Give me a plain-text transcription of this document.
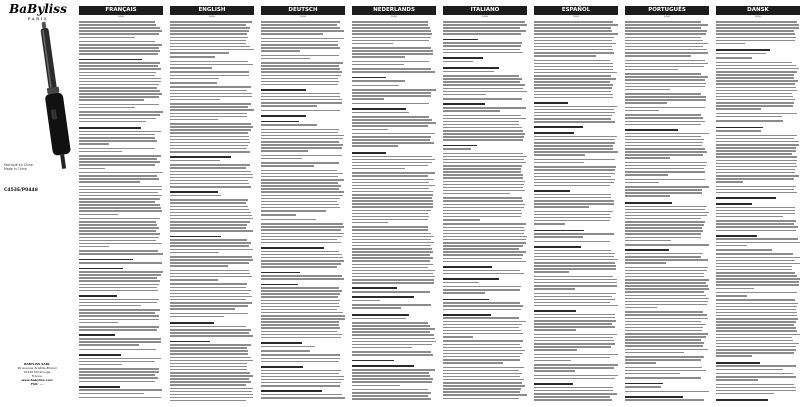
BaByliss
PARIS
Fabriqué en Chine
Made in China
C453E/P0448
BABYLISS SARL
99 avenue Aristide-Briand
92120 Montrouge
France
www.babyliss.com
FAX: ...
FRANÇAIS
page
ENGLISH
page
DEUTSCH
page
NEDERLANDS
page
ITALIANO
page
ESPAÑOL
page
PORTUGUÊS
page
DANSK
page
